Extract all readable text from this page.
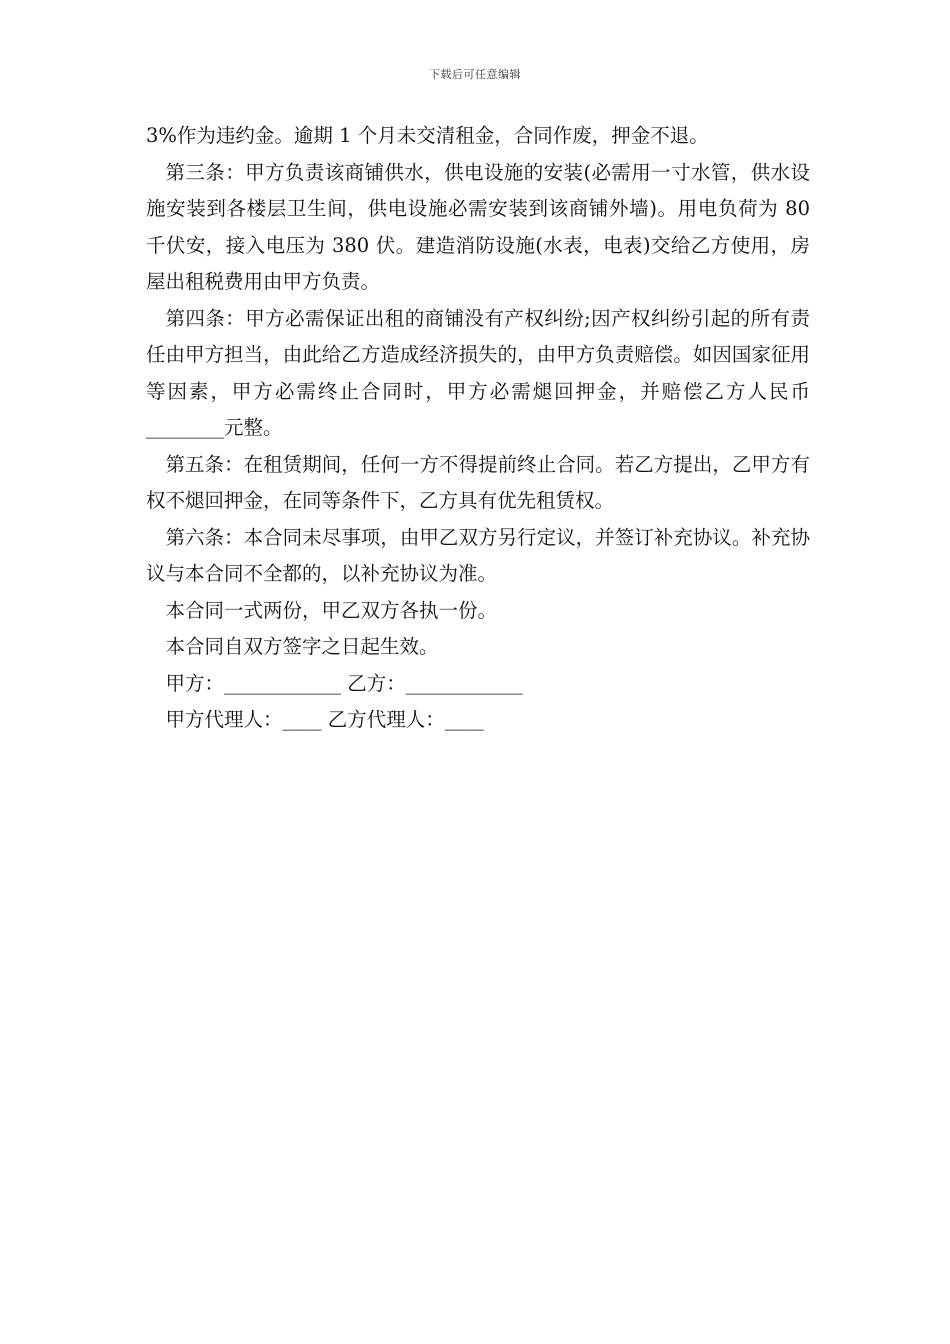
下载后可任意编辑

3%作为违约金。逾期 1 个月未交清租金，合同作废，押金不退。

第三条：甲方负责该商铺供水，供电设施的安装(必需用一寸水管，供水设施安装到各楼层卫生间，供电设施必需安装到该商铺外墙)。用电负荷为 80 千伏安，接入电压为 380 伏。建造消防设施(水表，电表)交给乙方使用，房屋出租税费用由甲方负责。

第四条：甲方必需保证出租的商铺没有产权纠纷;因产权纠纷引起的所有责任由甲方担当，由此给乙方造成经济损失的，由甲方负责赔偿。如因国家征用等因素，甲方必需终止合同时，甲方必需煺回押金，并赔偿乙方人民币________元整。

第五条：在租赁期间，任何一方不得提前终止合同。若乙方提出，乙甲方有权不煺回押金，在同等条件下，乙方具有优先租赁权。

第六条：本合同未尽事项，由甲乙双方另行定议，并签订补充协议。补充协议与本合同不全都的，以补充协议为准。

本合同一式两份，甲乙双方各执一份。

本合同自双方签字之日起生效。

甲方：____________ 乙方：____________

甲方代理人：____ 乙方代理人：____
